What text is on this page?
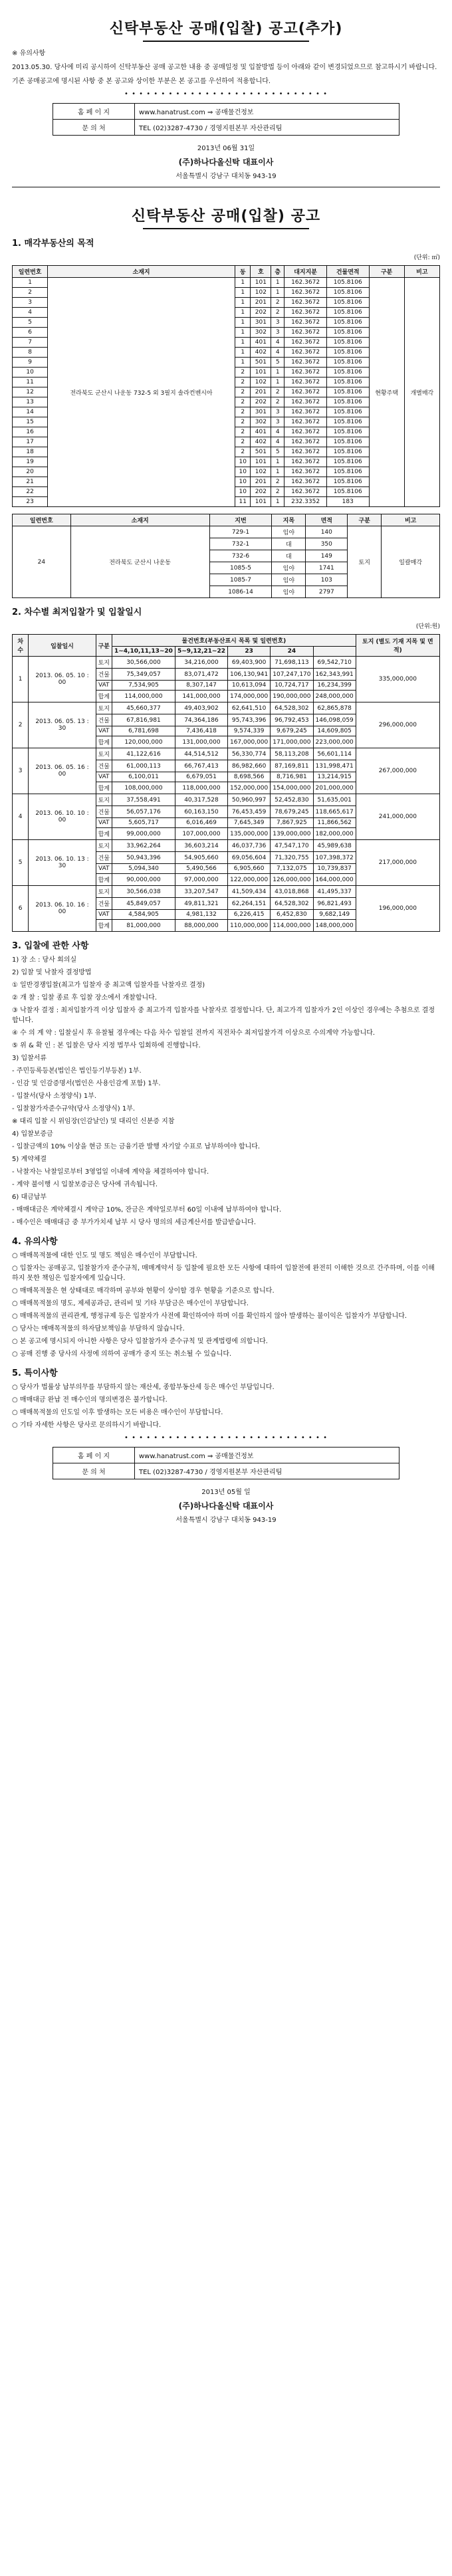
신탁부동산 공매(입찰) 공고(추가)
※ 유의사항
2013.05.30. 당사에 미리 공시하여 신탁부동산 공매 공고한 내용 중 공매일정 및 입찰방법 등이 아래와 같이 변경되었으므로 참고하시기 바랍니다.
기존 공매공고에 명시된 사항 중 본 공고와 상이한 부분은 본 공고를 우선하여 적용합니다.
• • • • • • • • • • • • • • • • • • • • • • • • • • • •
홈 페 이 지	www.hanatrust.com ⇒ 공매물건정보
문 의 처	TEL (02)3287-4730 / 경영지원본부 자산관리팀
2013년 06월 31일
(주)하나다올신탁 대표이사
서울특별시 강남구 대치동 943-19
신탁부동산 공매(입찰) 공고
1. 매각부동산의 목적
(단위: ㎡)
일련번호	소재지	동	호	층	대지지분	건물면적	구분	비고
1	전라북도 군산시 나운동 732-5 외 3필지 솔라컨벤시아	1	101	1	162.3672	105.8106	현황주택	개별매각
2		1	102	1	162.3672	105.8106		
3		1	201	2	162.3672	105.8106		
4		1	202	2	162.3672	105.8106		
5		1	301	3	162.3672	105.8106		
6		1	302	3	162.3672	105.8106		
7		1	401	4	162.3672	105.8106		
8		1	402	4	162.3672	105.8106		
9		1	501	5	162.3672	105.8106		
10		2	101	1	162.3672	105.8106		
11		2	102	1	162.3672	105.8106		
12		2	201	2	162.3672	105.8106		
13		2	202	2	162.3672	105.8106		
14		2	301	3	162.3672	105.8106		
15		2	302	3	162.3672	105.8106		
16		2	401	4	162.3672	105.8106		
17		2	402	4	162.3672	105.8106		
18		2	501	5	162.3672	105.8106		
19		10	101	1	162.3672	105.8106		
20		10	102	1	162.3672	105.8106		
21		10	201	2	162.3672	105.8106		
22		10	202	2	162.3672	105.8106		
23		11	101	1	232.3352	183		
일련번호	소재지	지번	지목	면적	구분	비고
24	전라북도 군산시 나운동	729-1	임야	140	토지	일괄매각
		732-1	대	350		
		732-6	대	149		
		1085-5	임야	1741		
		1085-7	임야	103		
		1086-14	임야	2797		
2. 차수별 최저입찰가 및 입찰일시
(단위:원)
차수	입찰일시	구분	물건번호(부동산표시 목록 및 일련번호)					토지 (별도 기재 지목 및 면적)
			1~4,10,11,13~20	5~9,12,21~22	23	24		
1	2013. 06. 05. 10 : 00	토지	30,566,000	34,216,000	69,403,900	71,698,113	69,542,710	335,000,000
		건물	75,349,057	83,071,472	106,130,941	107,247,170	162,343,991	
		VAT	7,534,905	8,307,147	10,613,094	10,724,717	16,234,399	
		합계	114,000,000	141,000,000	174,000,000	190,000,000	248,000,000	
2	2013. 06. 05. 13 : 30	토지	45,660,377	49,403,902	62,641,510	64,528,302	62,865,878	296,000,000
		건물	67,816,981	74,364,186	95,743,396	96,792,453	146,098,059	
		VAT	6,781,698	7,436,418	9,574,339	9,679,245	14,609,805	
		합계	120,000,000	131,000,000	167,000,000	171,000,000	223,000,000	
3	2013. 06. 05. 16 : 00	토지	41,122,616	44,514,512	56,330,774	58,113,208	56,601,114	267,000,000
		건물	61,000,113	66,767,413	86,982,660	87,169,811	131,998,471	
		VAT	6,100,011	6,679,051	8,698,566	8,716,981	13,214,915	
		합계	108,000,000	118,000,000	152,000,000	154,000,000	201,000,000	
4	2013. 06. 10. 10 : 00	토지	37,558,491	40,317,528	50,960,997	52,452,830	51,635,001	241,000,000
		건물	56,057,176	60,163,150	76,453,459	78,679,245	118,665,617	
		VAT	5,605,717	6,016,469	7,645,349	7,867,925	11,866,562	
		합계	99,000,000	107,000,000	135,000,000	139,000,000	182,000,000	
5	2013. 06. 10. 13 : 30	토지	33,962,264	36,603,214	46,037,736	47,547,170	45,989,638	217,000,000
		건물	50,943,396	54,905,660	69,056,604	71,320,755	107,398,372	
		VAT	5,094,340	5,490,566	6,905,660	7,132,075	10,739,837	
		합계	90,000,000	97,000,000	122,000,000	126,000,000	164,000,000	
6	2013. 06. 10. 16 : 00	토지	30,566,038	33,207,547	41,509,434	43,018,868	41,495,337	196,000,000
		건물	45,849,057	49,811,321	62,264,151	64,528,302	96,821,493	
		VAT	4,584,905	4,981,132	6,226,415	6,452,830	9,682,149	
		합계	81,000,000	88,000,000	110,000,000	114,000,000	148,000,000	
3. 입찰에 관한 사항
1) 장 소 : 당사 회의실
2) 입찰 및 낙찰자 결정방법
① 일반경쟁입찰(최고가 입찰자 중 최고액 입찰자를 낙찰자로 결정)
② 개 찰 : 입찰 종료 후 입찰 장소에서 개찰합니다.
③ 낙찰자 결정 : 최저입찰가격 이상 입찰자 중 최고가격 입찰자를 낙찰자로 결정합니다. 단, 최고가격 입찰자가 2인 이상인 경우에는 추첨으로 결정합니다.
④ 수 의 계 약 : 입찰실시 후 유찰될 경우에는 다음 차수 입찰일 전까지 직전차수 최저입찰가격 이상으로 수의계약 가능합니다.
⑤ 위 & 확 인 : 본 입찰은 당사 지정 법무사 입회하에 진행합니다.
3) 입찰서류
- 주민등록등본(법인은 법인등기부등본) 1부.
- 인감 및 인감증명서(법인은 사용인감계 포함) 1부.
- 입찰서(당사 소정양식) 1부.
- 입찰참가자준수규약(당사 소정양식) 1부.
※ 대리 입찰 시 위임장(인감날인) 및 대리인 신분증 지참
4) 입찰보증금
- 입찰금액의 10% 이상을 현금 또는 금융기관 발행 자기앞 수표로 납부하여야 합니다.
5) 계약체결
- 낙찰자는 낙찰일로부터 3영업일 이내에 계약을 체결하여야 합니다.
- 계약 불이행 시 입찰보증금은 당사에 귀속됩니다.
6) 대금납부
- 매매대금은 계약체결시 계약금 10%, 잔금은 계약일로부터 60일 이내에 납부하여야 합니다.
- 매수인은 매매대금 중 부가가치세 납부 시 당사 명의의 세금계산서를 발급받습니다.
4. 유의사항
○ 매매목적물에 대한 인도 및 명도 책임은 매수인이 부담합니다.
○ 입찰자는 공매공고, 입찰참가자 준수규칙, 매매계약서 등 입찰에 필요한 모든 사항에 대하여 입찰전에 완전히 이해한 것으로 간주하며, 이를 이해하지 못한 책임은 입찰자에게 있습니다.
○ 매매목적물은 현 상태대로 매각하며 공부와 현황이 상이할 경우 현황을 기준으로 합니다.
○ 매매목적물의 명도, 제세공과금, 관리비 및 기타 부담금은 매수인이 부담합니다.
○ 매매목적물의 권리관계, 행정규제 등은 입찰자가 사전에 확인하여야 하며 이를 확인하지 않아 발생하는 불이익은 입찰자가 부담합니다.
○ 당사는 매매목적물의 하자담보책임을 부담하지 않습니다.
○ 본 공고에 명시되지 아니한 사항은 당사 입찰참가자 준수규칙 및 관계법령에 의합니다.
○ 공매 진행 중 당사의 사정에 의하여 공매가 중지 또는 취소될 수 있습니다.
5. 특이사항
○ 당사가 법률상 납부의무를 부담하지 않는 재산세, 종합부동산세 등은 매수인 부담입니다.
○ 매매대금 완납 전 매수인의 명의변경은 불가합니다.
○ 매매목적물의 인도일 이후 발생하는 모든 비용은 매수인이 부담합니다.
○ 기타 자세한 사항은 당사로 문의하시기 바랍니다.
• • • • • • • • • • • • • • • • • • • • • • • • • • • •
홈 페 이 지	www.hanatrust.com ⇒ 공매물건정보
문 의 처	TEL (02)3287-4730 / 경영지원본부 자산관리팀
2013년 05월 일
(주)하나다올신탁 대표이사
서울특별시 강남구 대치동 943-19
